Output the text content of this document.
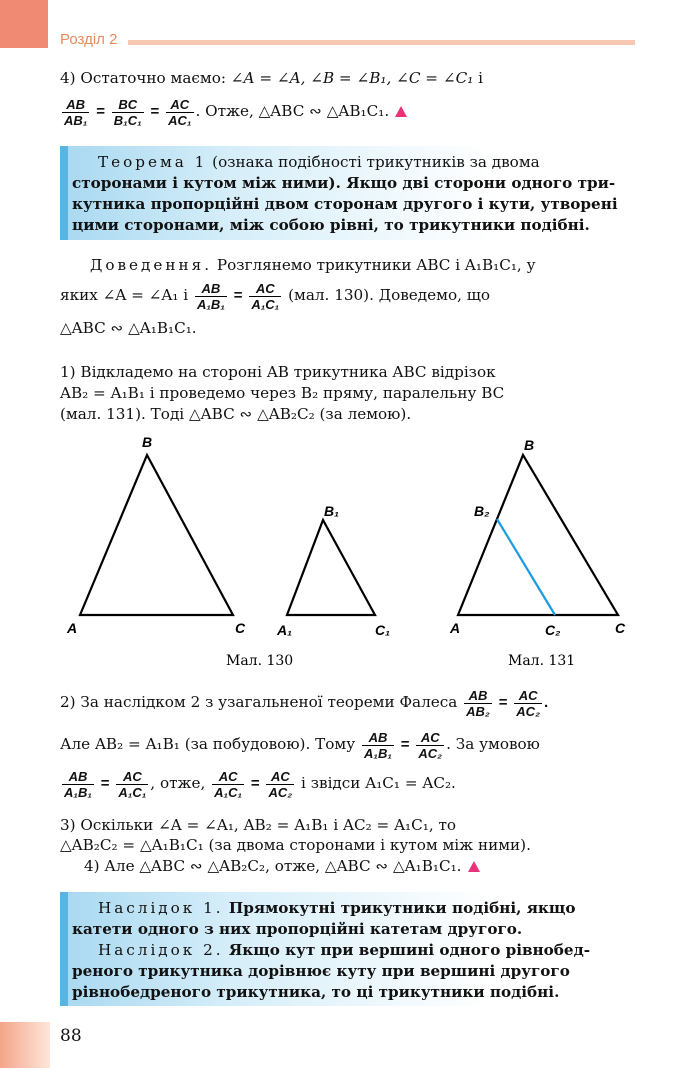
Розділ 2
4) Остаточно маємо: ∠A = ∠A, ∠B = ∠B₁, ∠C = ∠C₁ і
$\frac{AB}{\text{AB₁}} = \frac{BC}{\text{B₁C₁}} = \frac{AC}{\text{AC₁}}$ . Отже, △ABC ∾ △AB₁C₁.
Теорема 1 (ознака подібності трикутників за двома
сторонами і кутом між ними). Якщо дві сторони одного три-
кутника пропорційні двом сторонам другого і кути, утворені
цими сторонами, між собою рівні, то трикутники подібні.
Доведення. Розглянемо трикутники ABC і A₁B₁C₁, у
яких ∠A = ∠A₁ і $\frac{AB}{\text{A₁B₁}} = \frac{AC}{\text{A₁C₁}} (мал$. 130). Доведемо, що
△ABC ∾ △A₁B₁C₁.
1) Відкладемо на стороні AB трикутника ABC відрізок
AB₂ = A₁B₁ і проведемо через B₂ пряму, паралельну BC
(мал. 131). Тоді △ABC ∾ △AB₂C₂ (за лемою).
A
B
C A₁
B₁
C₁
Мал. 130
A
B
C
B₂
C₂
Мал. 131
2) За наслідком 2 з узагальненої теореми Фалеса $\frac{AB}{\text{AB₂}} = \frac{AC}{\text{AC₂}}$ .
Але AB₂ = A₁B₁ (за побудовою). Тому $\frac{AB}{\text{A₁B₁}} = \frac{AC}{\text{AC₂}}$ . За умовою
$\frac{AB}{\text{A₁B₁}} = \frac{AC}{\text{A₁C₁}}$ , отже, $\frac{AC}{\text{A₁C₁}} = \frac{AC}{\text{AC₂}}$ і звідси A₁C₁ = AC₂.
3) Оскільки ∠A = ∠A₁, AB₂ = A₁B₁ і AC₂ = A₁C₁, то
△AB₂C₂ = △A₁B₁C₁ (за двома сторонами і кутом між ними).
4) Але △ABC ∾ △AB₂C₂, отже, △ABC ∾ △A₁B₁C₁.
Наслідок 1. Прямокутні трикутники подібні, якщо
катети одного з них пропорційні катетам другого.
Наслідок 2. Якщо кут при вершині одного рівнобед-
реного трикутника дорівнює куту при вершині другого
рівнобедреного трикутника, то ці трикутники подібні.
88
